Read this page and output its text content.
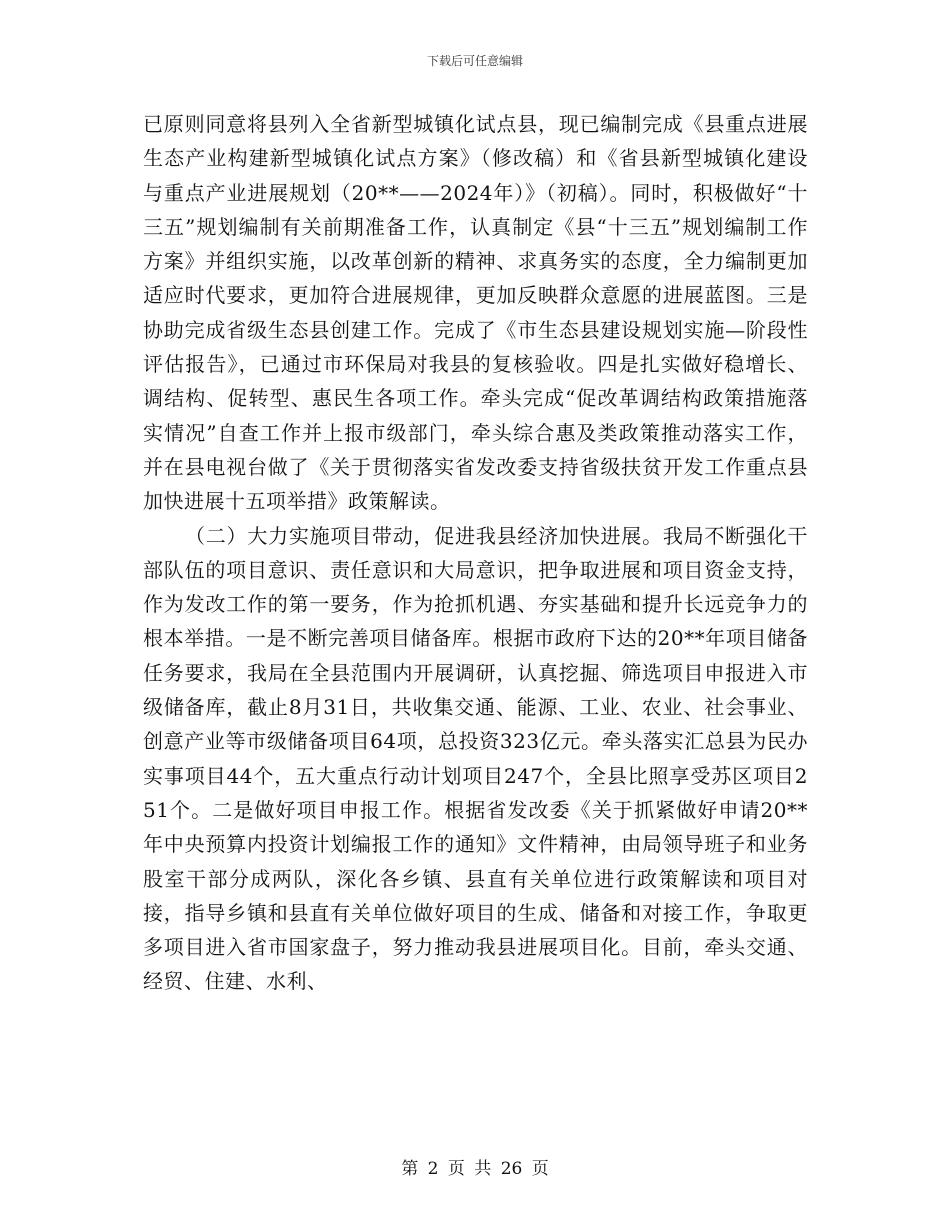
下载后可任意编辑

已原则同意将县列入全省新型城镇化试点县，现已编制完成《县重点进展生态产业构建新型城镇化试点方案》（修改稿）和《省县新型城镇化建设与重点产业进展规划（20**——2024年）》（初稿）。同时，积极做好“十三五”规划编制有关前期准备工作，认真制定《县“十三五”规划编制工作方案》并组织实施，以改革创新的精神、求真务实的态度，全力编制更加适应时代要求，更加符合进展规律，更加反映群众意愿的进展蓝图。三是协助完成省级生态县创建工作。完成了《市生态县建设规划实施—阶段性评估报告》，已通过市环保局对我县的复核验收。四是扎实做好稳增长、调结构、促转型、惠民生各项工作。牵头完成“促改革调结构政策措施落实情况”自查工作并上报市级部门，牵头综合惠及类政策推动落实工作，并在县电视台做了《关于贯彻落实省发改委支持省级扶贫开发工作重点县加快进展十五项举措》政策解读。

（二）大力实施项目带动，促进我县经济加快进展。我局不断强化干部队伍的项目意识、责任意识和大局意识，把争取进展和项目资金支持，作为发改工作的第一要务，作为抢抓机遇、夯实基础和提升长远竞争力的根本举措。一是不断完善项目储备库。根据市政府下达的20**年项目储备任务要求，我局在全县范围内开展调研，认真挖掘、筛选项目申报进入市级储备库，截止8月31日，共收集交通、能源、工业、农业、社会事业、创意产业等市级储备项目64项，总投资323亿元。牵头落实汇总县为民办实事项目44个，五大重点行动计划项目247个，全县比照享受苏区项目251个。二是做好项目申报工作。根据省发改委《关于抓紧做好申请20**年中央预算内投资计划编报工作的通知》文件精神，由局领导班子和业务股室干部分成两队，深化各乡镇、县直有关单位进行政策解读和项目对接，指导乡镇和县直有关单位做好项目的生成、储备和对接工作，争取更多项目进入省市国家盘子，努力推动我县进展项目化。目前，牵头交通、经贸、住建、水利、

第 2 页 共 26 页
